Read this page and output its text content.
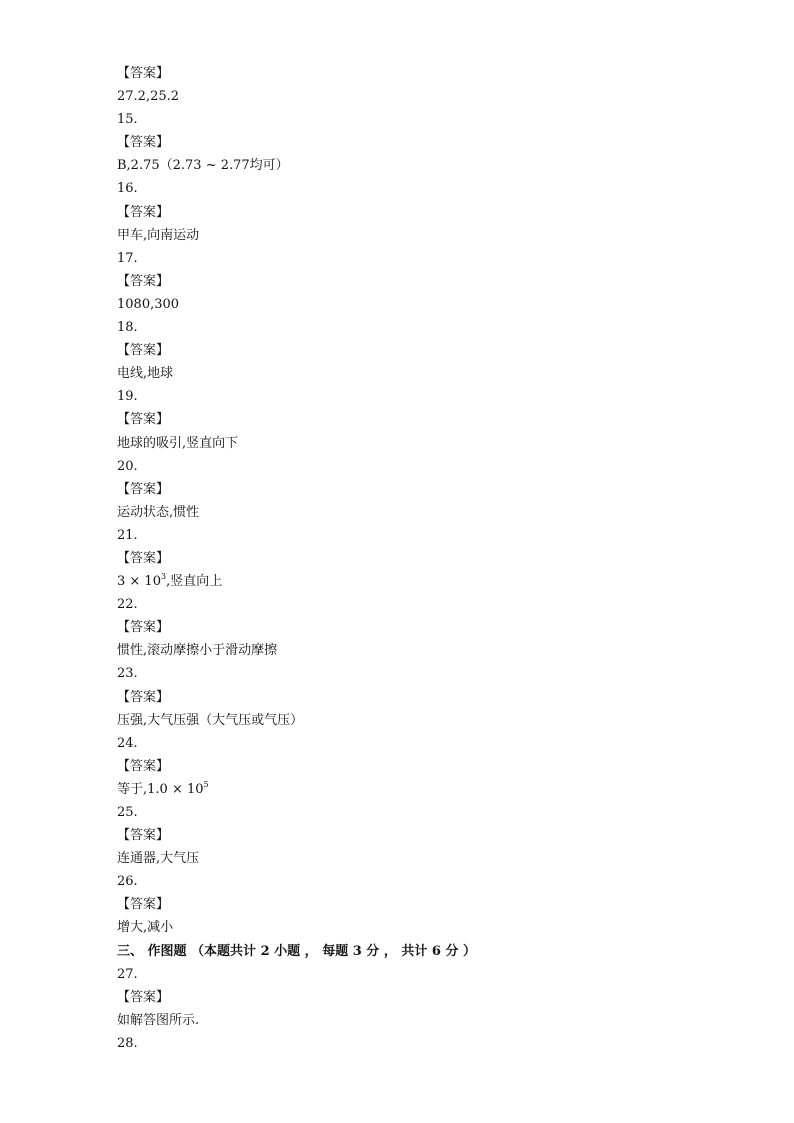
【答案】
27.2,25.2
15.
【答案】
B,2.75（2.73 ~ 2.77均可）
16.
【答案】
甲车,向南运动
17.
【答案】
1080,300
18.
【答案】
电线,地球
19.
【答案】
地球的吸引,竖直向下
20.
【答案】
运动状态,惯性
21.
【答案】
$3 \times 10^3$,竖直向上
22.
【答案】
惯性,滚动摩擦小于滑动摩擦
23.
【答案】
压强,大气压强（大气压或气压）
24.
【答案】
等于$,1.0 \times 10^5$
25.
【答案】
连通器,大气压
26.
【答案】
增大,减小
三、 作图题 （本题共计 2 小题 ， 每题 3 分 ， 共计 6 分 ）
27.
【答案】
如解答图所示.
28.
